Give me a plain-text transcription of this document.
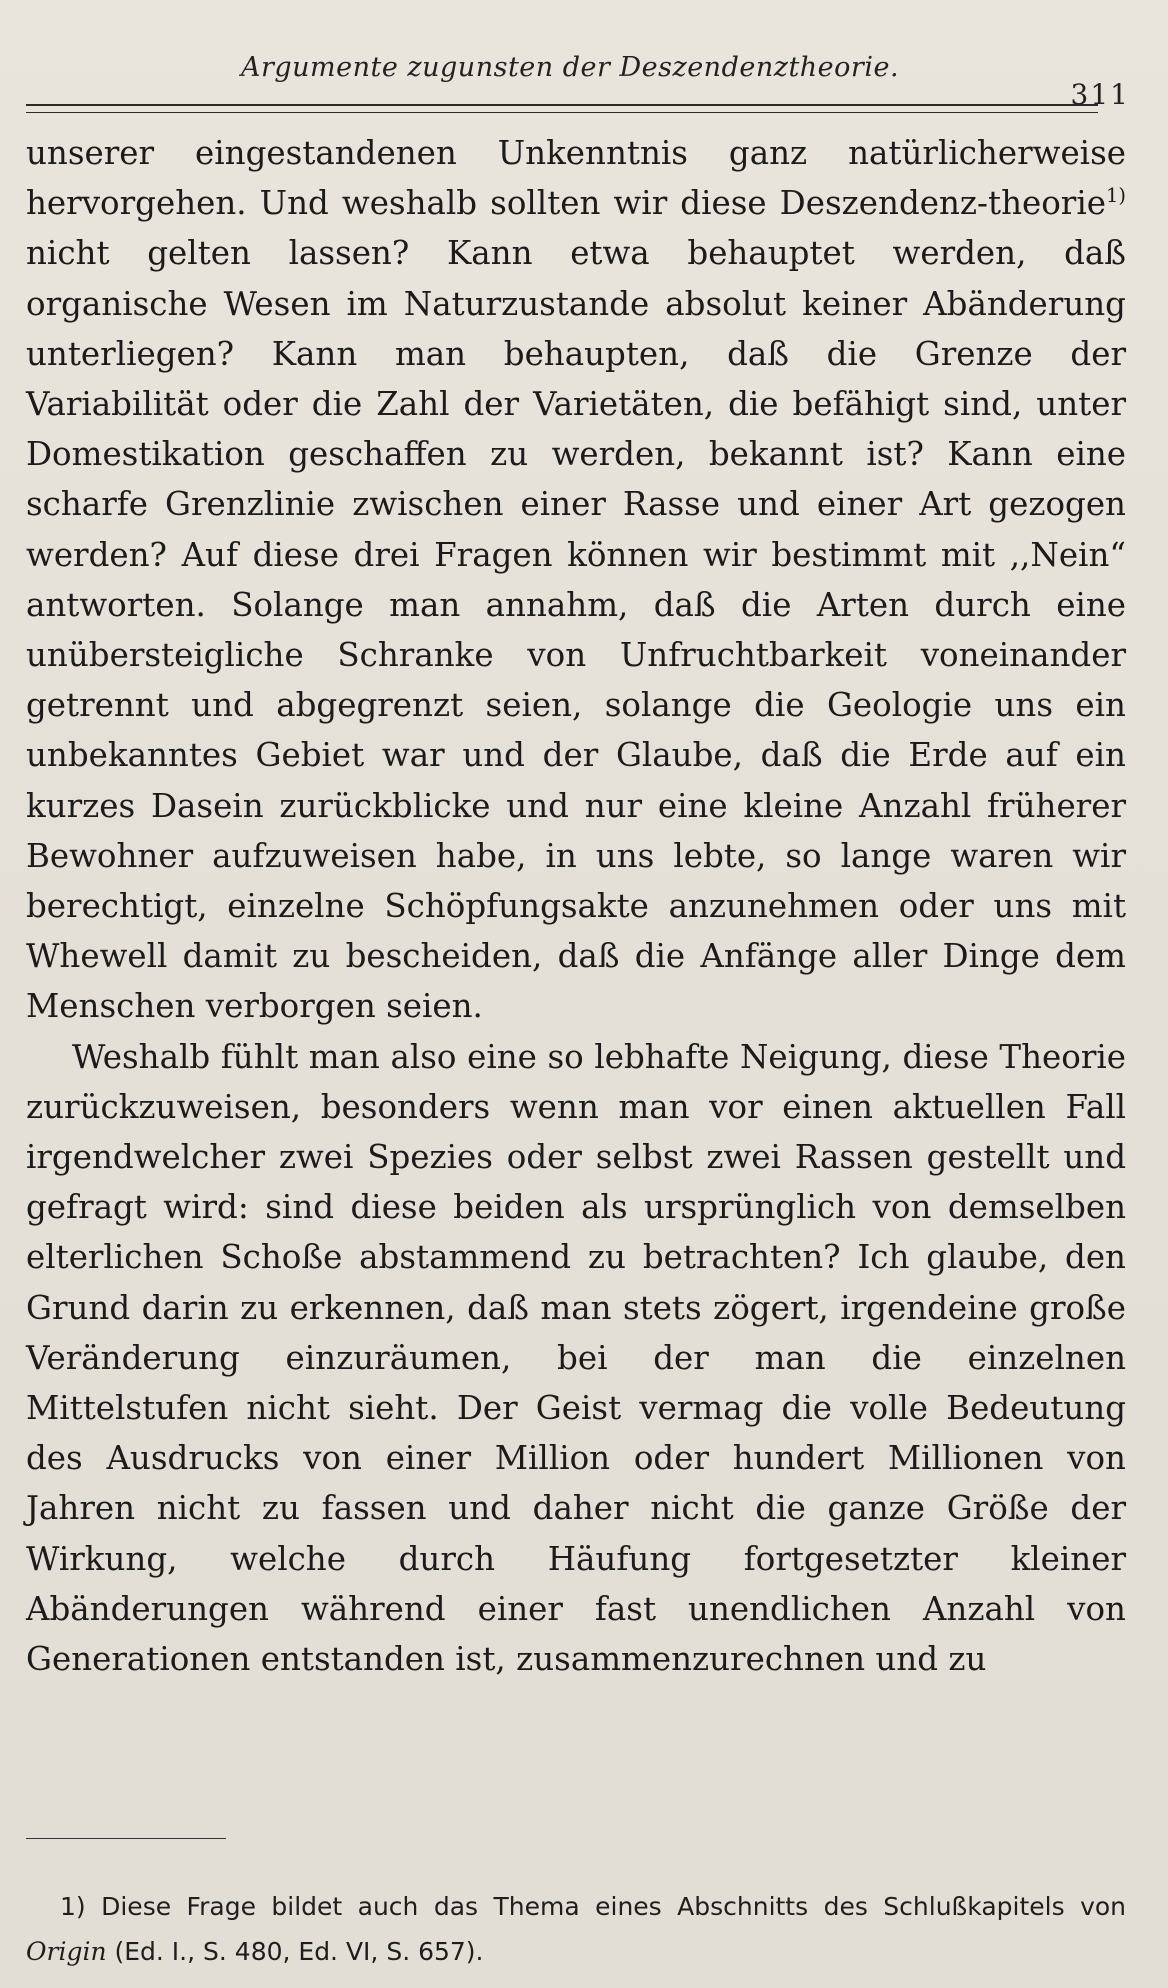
Argumente zugunsten der Deszendenztheorie.
311

unserer eingestandenen Unkenntnis ganz natürlicherweise hervorgehen. Und weshalb sollten wir diese Deszendenz-theorie$^{1)}$ nicht gelten lassen? Kann etwa behauptet werden, daß organische Wesen im Naturzustande absolut keiner Abänderung unterliegen? Kann man behaupten, daß die Grenze der Variabilität oder die Zahl der Varietäten, die befähigt sind, unter Domestikation geschaffen zu werden, bekannt ist? Kann eine scharfe Grenzlinie zwischen einer Rasse und einer Art gezogen werden? Auf diese drei Fragen können wir bestimmt mit ,,Nein“ antworten. Solange man annahm, daß die Arten durch eine unübersteigliche Schranke von Unfruchtbarkeit voneinander getrennt und abgegrenzt seien, solange die Geologie uns ein unbekanntes Gebiet war und der Glaube, daß die Erde auf ein kurzes Dasein zurückblicke und nur eine kleine Anzahl früherer Bewohner aufzuweisen habe, in uns lebte, so lange waren wir berechtigt, einzelne Schöpfungsakte anzunehmen oder uns mit Whewell damit zu bescheiden, daß die Anfänge aller Dinge dem Menschen verborgen seien.

Weshalb fühlt man also eine so lebhafte Neigung, diese Theorie zurückzuweisen, besonders wenn man vor einen aktuellen Fall irgendwelcher zwei Spezies oder selbst zwei Rassen gestellt und gefragt wird: sind diese beiden als ursprünglich von demselben elterlichen Schoße abstammend zu betrachten? Ich glaube, den Grund darin zu erkennen, daß man stets zögert, irgendeine große Veränderung einzuräumen, bei der man die einzelnen Mittelstufen nicht sieht. Der Geist vermag die volle Bedeutung des Ausdrucks von einer Million oder hundert Millionen von Jahren nicht zu fassen und daher nicht die ganze Größe der Wirkung, welche durch Häufung fortgesetzter kleiner Abänderungen während einer fast unendlichen Anzahl von Generationen entstanden ist, zusammenzurechnen und zu

1) Diese Frage bildet auch das Thema eines Abschnitts des Schlußkapitels von Origin (Ed. I., S. 480, Ed. VI, S. 657).
